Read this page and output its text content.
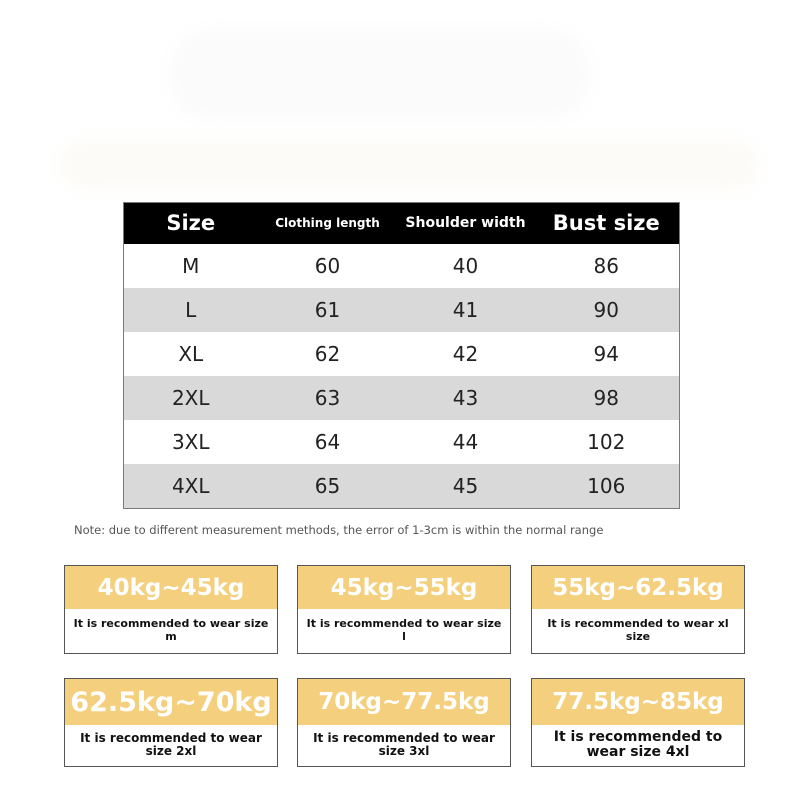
Size	Clothing length	Shoulder width	Bust size
M	60	40	86
L	61	41	90
XL	62	42	94
2XL	63	43	98
3XL	64	44	102
4XL	65	45	106
Note: due to different measurement methods, the error of 1-3cm is within the normal range
40kg~45kg
It is recommended to wear size m
45kg~55kg
It is recommended to wear size l
55kg~62.5kg
It is recommended to wear xl size
62.5kg~70kg
It is recommended to wear size 2xl
70kg~77.5kg
It is recommended to wear size 3xl
77.5kg~85kg
It is recommended to wear size 4xl
